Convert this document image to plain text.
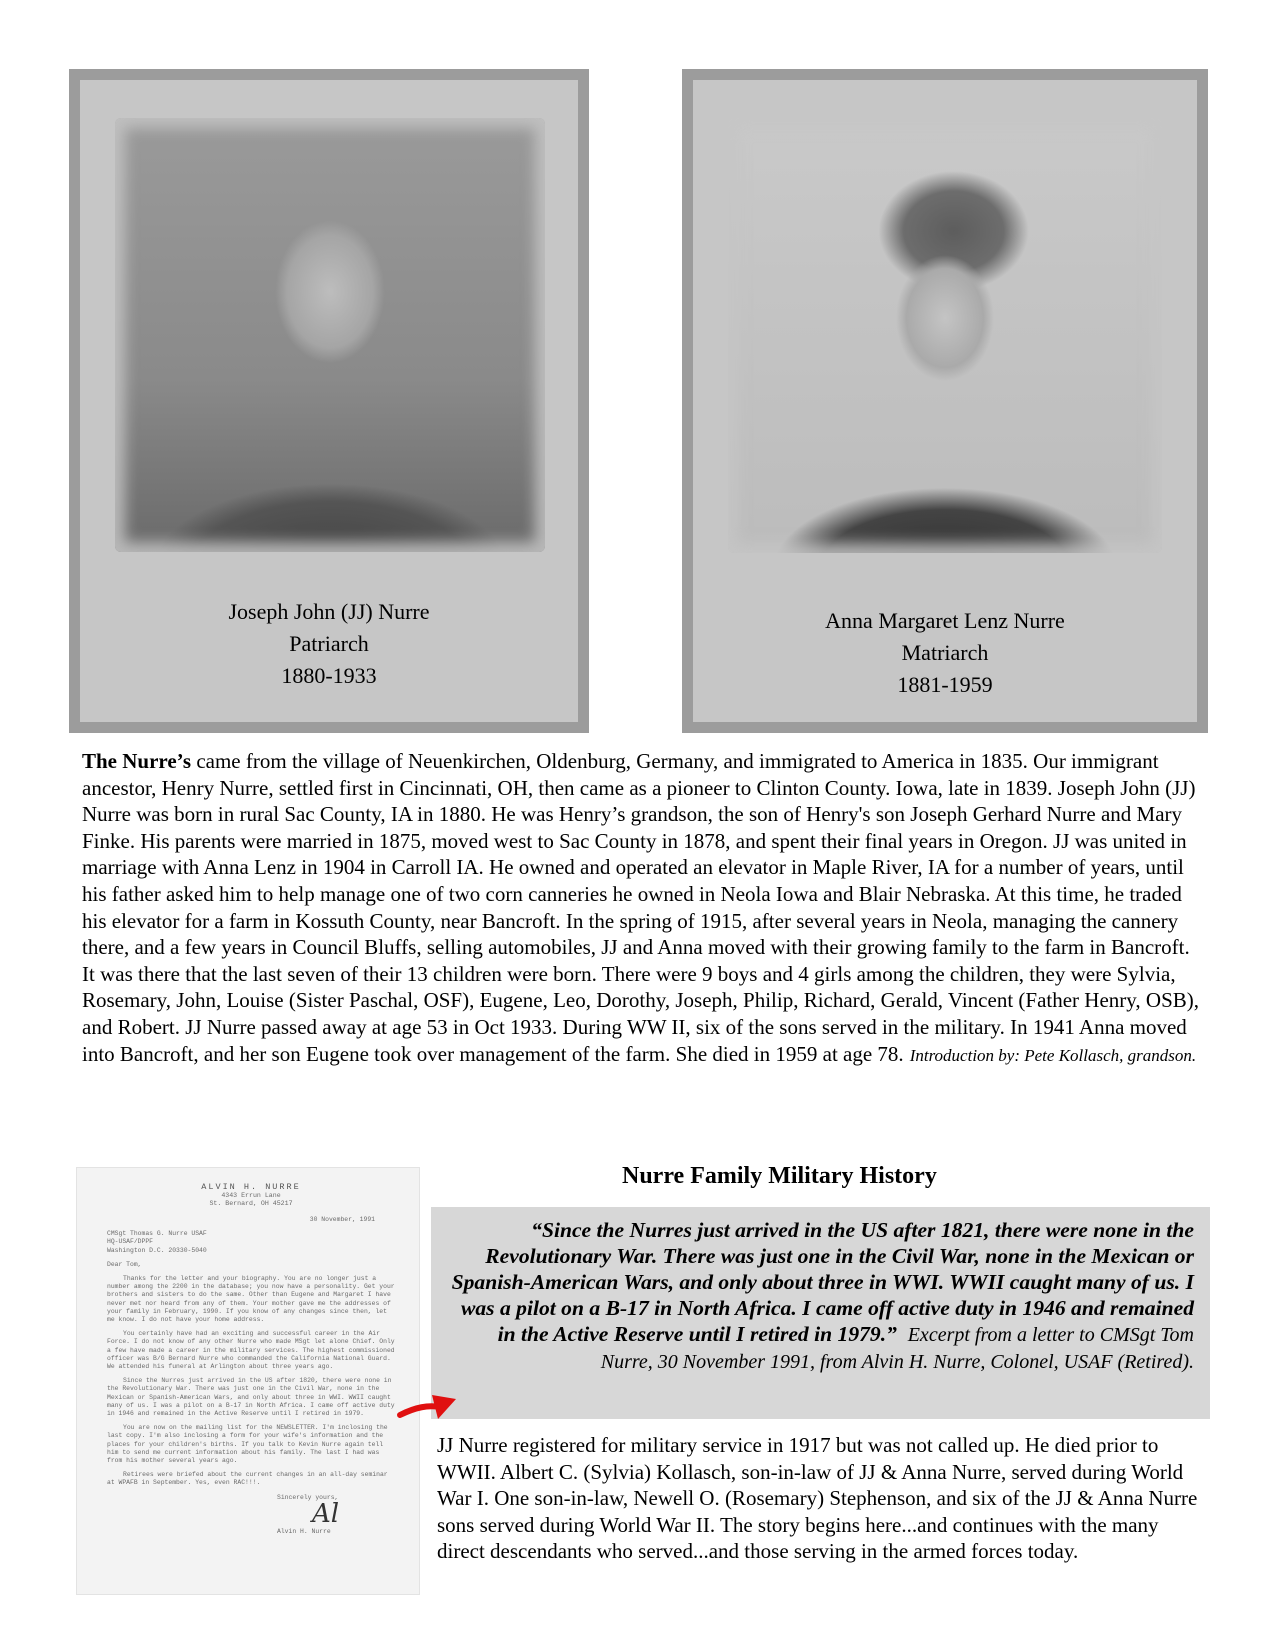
Joseph John (JJ) Nurre
Patriarch
1880-1933
Anna Margaret Lenz Nurre
Matriarch
1881-1959

The Nurre’s came from the village of Neuenkirchen, Oldenburg, Germany, and immigrated to America in 1835. Our immigrant ancestor, Henry Nurre, settled first in Cincinnati, OH, then came as a pioneer to Clinton County. Iowa, late in 1839. Joseph John (JJ) Nurre was born in rural Sac County, IA in 1880. He was Henry’s grandson, the son of Henry's son Joseph Gerhard Nurre and Mary Finke. His parents were married in 1875, moved west to Sac County in 1878, and spent their final years in Oregon. JJ was united in marriage with Anna Lenz in 1904 in Carroll IA. He owned and operated an elevator in Maple River, IA for a number of years, until his father asked him to help manage one of two corn canneries he owned in Neola Iowa and Blair Nebraska. At this time, he traded his elevator for a farm in Kossuth County, near Bancroft. In the spring of 1915, after several years in Neola, managing the cannery there, and a few years in Council Bluffs, selling automobiles, JJ and Anna moved with their growing family to the farm in Bancroft. It was there that the last seven of their 13 children were born. There were 9 boys and 4 girls among the children, they were Sylvia, Rosemary, John, Louise (Sister Paschal, OSF), Eugene, Leo, Dorothy, Joseph, Philip, Richard, Gerald, Vincent (Father Henry, OSB), and Robert. JJ Nurre passed away at age 53 in Oct 1933. During WW II, six of the sons served in the military. In 1941 Anna moved into Bancroft, and her son Eugene took over management of the farm. She died in 1959 at age 78. Introduction by: Pete Kollasch, grandson.

ALVIN H. NURRE
4343 Errun Lane
St. Bernard, OH 45217
30 November, 1991
CMSgt Thomas G. Nurre USAF
HQ-USAF/DPPF
Washington D.C. 20330-5040
Dear Tom,

Thanks for the letter and your biography. You are no longer just a number among the 2200 in the database; you now have a personality. Get your brothers and sisters to do the same. Other than Eugene and Margaret I have never met nor heard from any of them. Your mother gave me the addresses of your family in February, 1990. If you know of any changes since then, let me know. I do not have your home address.

You certainly have had an exciting and successful career in the Air Force. I do not know of any other Nurre who made MSgt let alone Chief. Only a few have made a career in the military services. The highest commissioned officer was B/G Bernard Nurre who commanded the California National Guard. We attended his funeral at Arlington about three years ago.

Since the Nurres just arrived in the US after 1820, there were none in the Revolutionary War. There was just one in the Civil War, none in the Mexican or Spanish-American Wars, and only about three in WWI. WWII caught many of us. I was a pilot on a B-17 in North Africa. I came off active duty in 1946 and remained in the Active Reserve until I retired in 1979.

You are now on the mailing list for the NEWSLETTER. I'm inclosing the last copy. I'm also inclosing a form for your wife's information and the places for your children's births. If you talk to Kevin Nurre again tell him to send me current information about his family. The last I had was from his mother several years ago.

Retirees were briefed about the current changes in an all-day seminar at WPAFB in September. Yes, even RAC!!!.

Sincerely yours,
Al
Alvin H. Nurre
Nurre Family Military History

“Since the Nurres just arrived in the US after 1821, there were none in the Revolutionary War. There was just one in the Civil War, none in the Mexican or Spanish-American Wars, and only about three in WWI. WWII caught many of us. I was a pilot on a B-17 in North Africa. I came off active duty in 1946 and remained in the Active Reserve until I retired in 1979.” Excerpt from a letter to CMSgt Tom Nurre, 30 November 1991, from Alvin H. Nurre, Colonel, USAF (Retired).

JJ Nurre registered for military service in 1917 but was not called up. He died prior to WWII. Albert C. (Sylvia) Kollasch, son-in-law of JJ & Anna Nurre, served during World War I. One son-in-law, Newell O. (Rosemary) Stephenson, and six of the JJ & Anna Nurre sons served during World War II. The story begins here...and continues with the many direct descendants who served...and those serving in the armed forces today.
